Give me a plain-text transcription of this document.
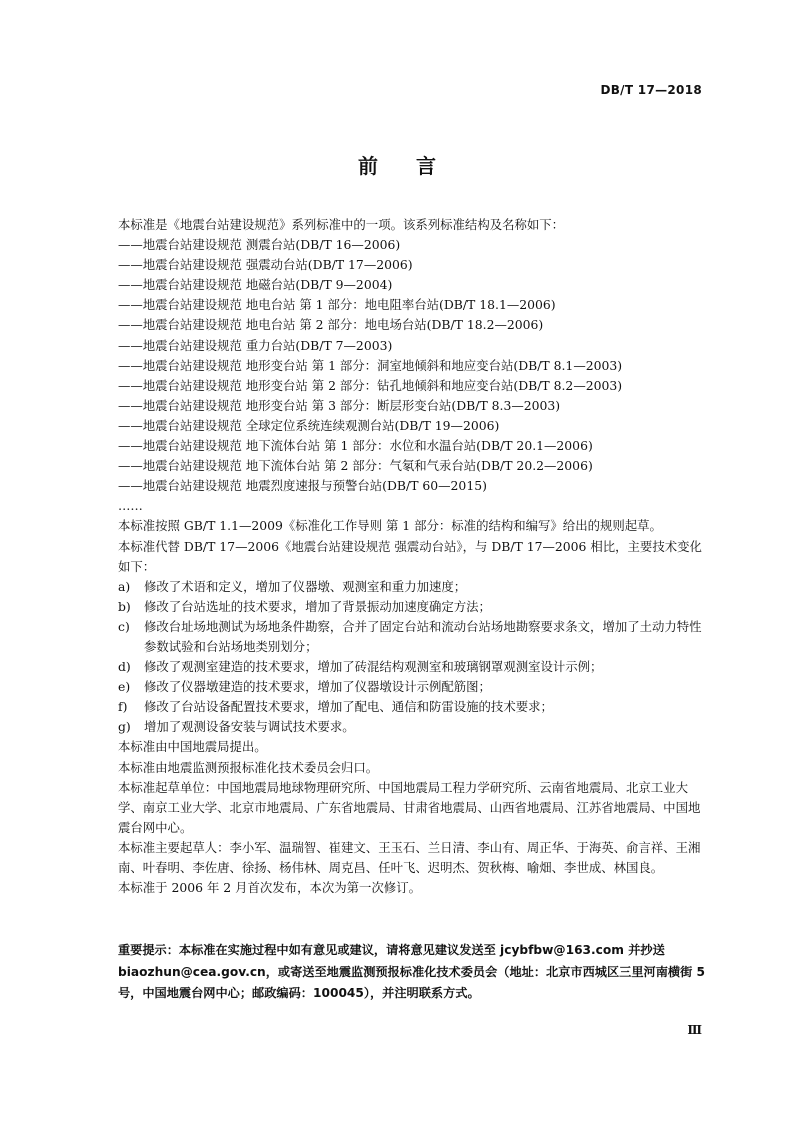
DB/T 17—2018
前 言
本标准是《地震台站建设规范》系列标准中的一项。该系列标准结构及名称如下：
——地震台站建设规范 测震台站(DB/T 16—2006)
——地震台站建设规范 强震动台站(DB/T 17—2006)
——地震台站建设规范 地磁台站(DB/T 9—2004)
——地震台站建设规范 地电台站 第 1 部分：地电阻率台站(DB/T 18.1—2006)
——地震台站建设规范 地电台站 第 2 部分：地电场台站(DB/T 18.2—2006)
——地震台站建设规范 重力台站(DB/T 7—2003)
——地震台站建设规范 地形变台站 第 1 部分：洞室地倾斜和地应变台站(DB/T 8.1—2003)
——地震台站建设规范 地形变台站 第 2 部分：钻孔地倾斜和地应变台站(DB/T 8.2—2003)
——地震台站建设规范 地形变台站 第 3 部分：断层形变台站(DB/T 8.3—2003)
——地震台站建设规范 全球定位系统连续观测台站(DB/T 19—2006)
——地震台站建设规范 地下流体台站 第 1 部分：水位和水温台站(DB/T 20.1—2006)
——地震台站建设规范 地下流体台站 第 2 部分：气氡和气汞台站(DB/T 20.2—2006)
——地震台站建设规范 地震烈度速报与预警台站(DB/T 60—2015)
……
本标准按照 GB/T 1.1—2009《标准化工作导则 第 1 部分：标准的结构和编写》给出的规则起草。
本标准代替 DB/T 17—2006《地震台站建设规范 强震动台站》，与 DB/T 17—2006 相比，主要技术变化如下：
a)	修改了术语和定义，增加了仪器墩、观测室和重力加速度；
b)	修改了台站选址的技术要求，增加了背景振动加速度确定方法；
c)	修改台址场地测试为场地条件勘察，合并了固定台站和流动台站场地勘察要求条文，增加了土动力特性参数试验和台站场地类别划分；
d)	修改了观测室建造的技术要求，增加了砖混结构观测室和玻璃钢罩观测室设计示例；
e)	修改了仪器墩建造的技术要求，增加了仪器墩设计示例配筋图；
f)	修改了台站设备配置技术要求，增加了配电、通信和防雷设施的技术要求；
g)	增加了观测设备安装与调试技术要求。
本标准由中国地震局提出。
本标准由地震监测预报标准化技术委员会归口。
本标准起草单位：中国地震局地球物理研究所、中国地震局工程力学研究所、云南省地震局、北京工业大学、南京工业大学、北京市地震局、广东省地震局、甘肃省地震局、山西省地震局、江苏省地震局、中国地震台网中心。
本标准主要起草人：李小军、温瑞智、崔建文、王玉石、兰日清、李山有、周正华、于海英、俞言祥、王湘南、叶春明、李佐唐、徐扬、杨伟林、周克昌、任叶飞、迟明杰、贺秋梅、喻畑、李世成、林国良。
本标准于 2006 年 2 月首次发布，本次为第一次修订。
重要提示：本标准在实施过程中如有意见或建议，请将意见建议发送至 jcybfbw@163.com 并抄送 biaozhun@cea.gov.cn，或寄送至地震监测预报标准化技术委员会（地址：北京市西城区三里河南横街 5 号，中国地震台网中心；邮政编码：100045），并注明联系方式。
Ⅲ
